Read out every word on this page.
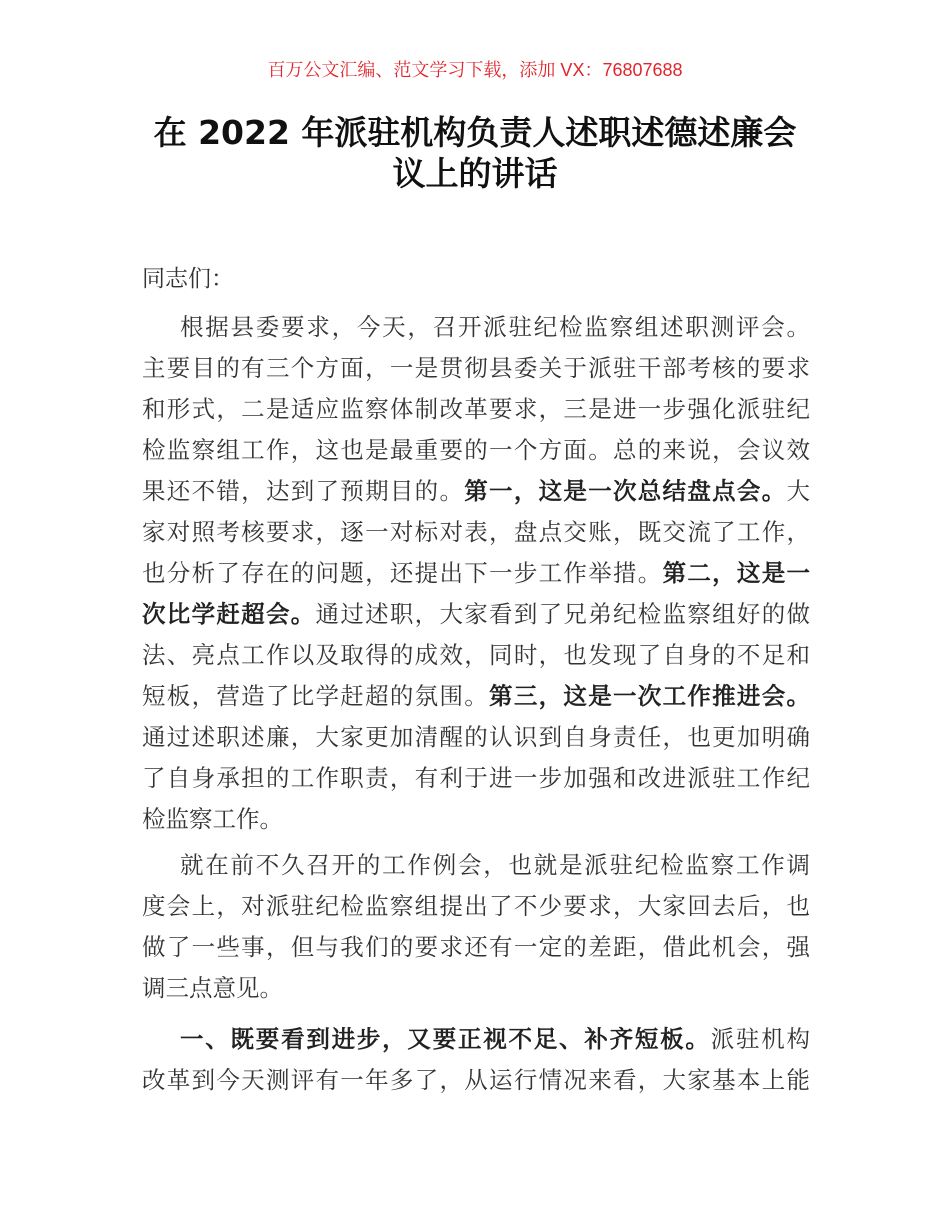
百万公文汇编、范文学习下载，添加 VX：76807688
在 2022 年派驻机构负责人述职述德述廉会
议上的讲话
同志们：
根据县委要求，今天，召开派驻纪检监察组述职测评会。
主要目的有三个方面，一是贯彻县委关于派驻干部考核的要求
和形式，二是适应监察体制改革要求，三是进一步强化派驻纪
检监察组工作，这也是最重要的一个方面。总的来说，会议效
果还不错，达到了预期目的。第一，这是一次总结盘点会。大
家对照考核要求，逐一对标对表，盘点交账，既交流了工作，
也分析了存在的问题，还提出下一步工作举措。第二，这是一
次比学赶超会。通过述职，大家看到了兄弟纪检监察组好的做
法、亮点工作以及取得的成效，同时，也发现了自身的不足和
短板，营造了比学赶超的氛围。第三，这是一次工作推进会。
通过述职述廉，大家更加清醒的认识到自身责任，也更加明确
了自身承担的工作职责，有利于进一步加强和改进派驻工作纪
检监察工作。
就在前不久召开的工作例会，也就是派驻纪检监察工作调
度会上，对派驻纪检监察组提出了不少要求，大家回去后，也
做了一些事，但与我们的要求还有一定的差距，借此机会，强
调三点意见。
一、既要看到进步，又要正视不足、补齐短板。派驻机构
改革到今天测评有一年多了，从运行情况来看，大家基本上能
